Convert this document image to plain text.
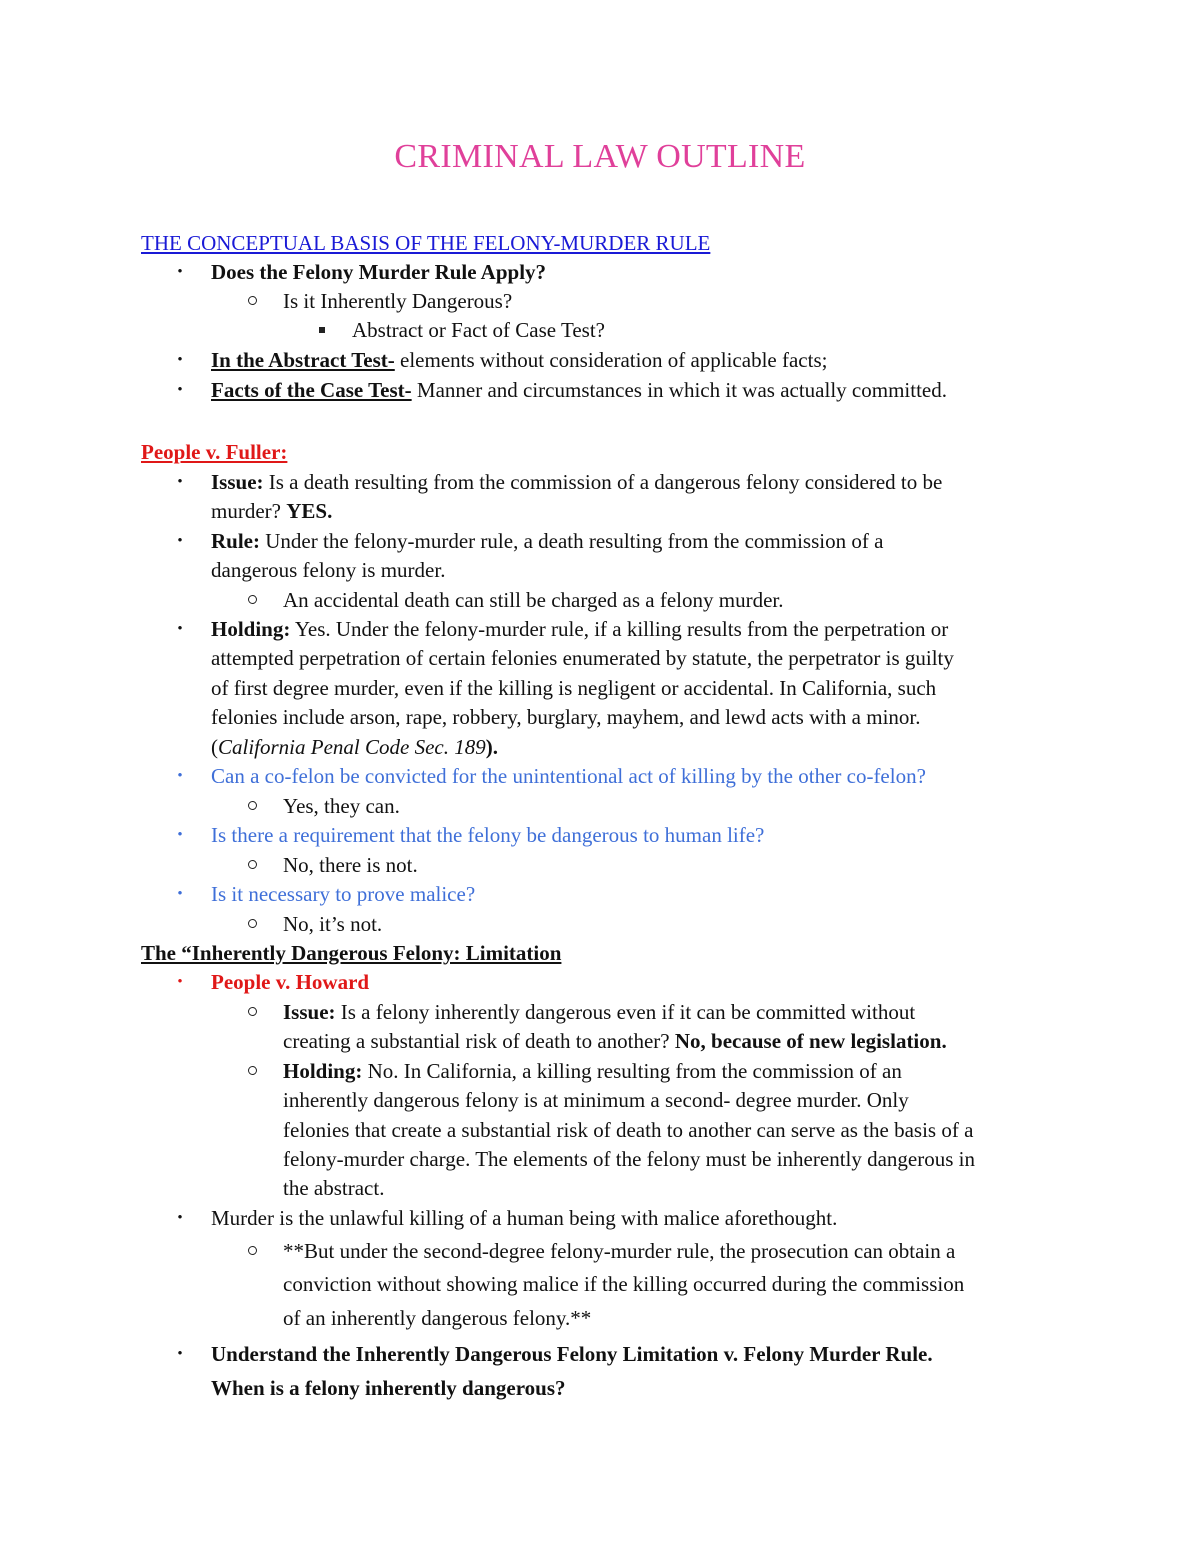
CRIMINAL LAW OUTLINE
THE CONCEPTUAL BASIS OF THE FELONY-MURDER RULE
• Does the Felony Murder Rule Apply?
Is it Inherently Dangerous?
Abstract or Fact of Case Test?
• In the Abstract Test- elements without consideration of applicable facts;
• Facts of the Case Test- Manner and circumstances in which it was actually committed.
People v. Fuller:
• Issue: Is a death resulting from the commission of a dangerous felony considered to be
murder? YES.
• Rule: Under the felony-murder rule, a death resulting from the commission of a
dangerous felony is murder.
An accidental death can still be charged as a felony murder.
• Holding: Yes. Under the felony-murder rule, if a killing results from the perpetration or
attempted perpetration of certain felonies enumerated by statute, the perpetrator is guilty
of first degree murder, even if the killing is negligent or accidental. In California, such
felonies include arson, rape, robbery, burglary, mayhem, and lewd acts with a minor.
(California Penal Code Sec. 189).
• Can a co-felon be convicted for the unintentional act of killing by the other co-felon?
Yes, they can.
• Is there a requirement that the felony be dangerous to human life?
No, there is not.
• Is it necessary to prove malice?
No, it’s not.
The “Inherently Dangerous Felony: Limitation
• People v. Howard
Issue: Is a felony inherently dangerous even if it can be committed without
creating a substantial risk of death to another? No, because of new legislation.
Holding: No. In California, a killing resulting from the commission of an
inherently dangerous felony is at minimum a second- degree murder. Only
felonies that create a substantial risk of death to another can serve as the basis of a
felony-murder charge. The elements of the felony must be inherently dangerous in
the abstract.
• Murder is the unlawful killing of a human being with malice aforethought.
**But under the second-degree felony-murder rule, the prosecution can obtain a
conviction without showing malice if the killing occurred during the commission
of an inherently dangerous felony.**
• Understand the Inherently Dangerous Felony Limitation v. Felony Murder Rule.
When is a felony inherently dangerous?
